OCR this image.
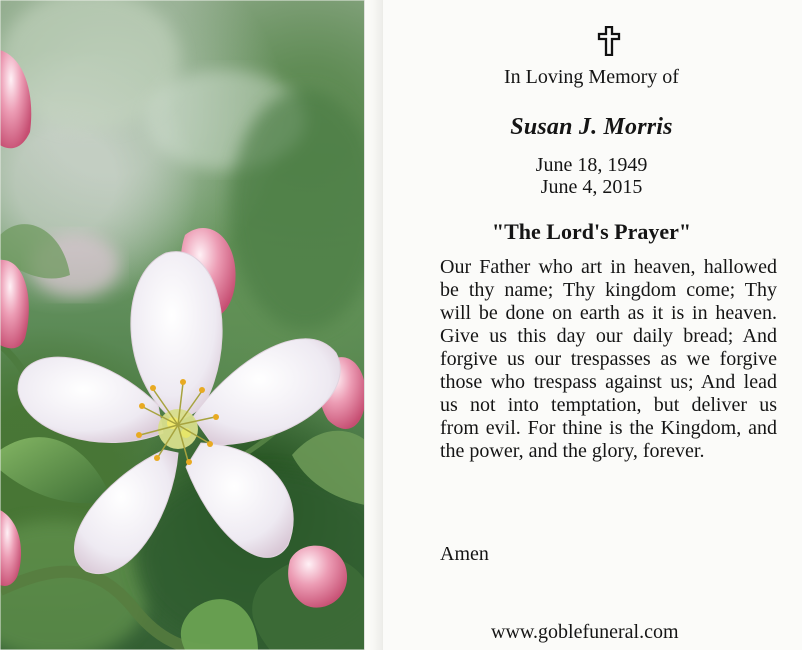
In Loving Memory of
Susan J. Morris
June 18, 1949
June 4, 2015
"The Lord's Prayer"
Our Father who art in heaven, hallowed be thy name; Thy kingdom come; Thy will be done on earth as it is in heaven. Give us this day our daily bread; And forgive us our trespasses as we forgive those who trespass against us; And lead us not into temptation, but deliver us from evil. For thine is the Kingdom, and the power, and the glory, forever.
Amen
www.goblefuneral.com
